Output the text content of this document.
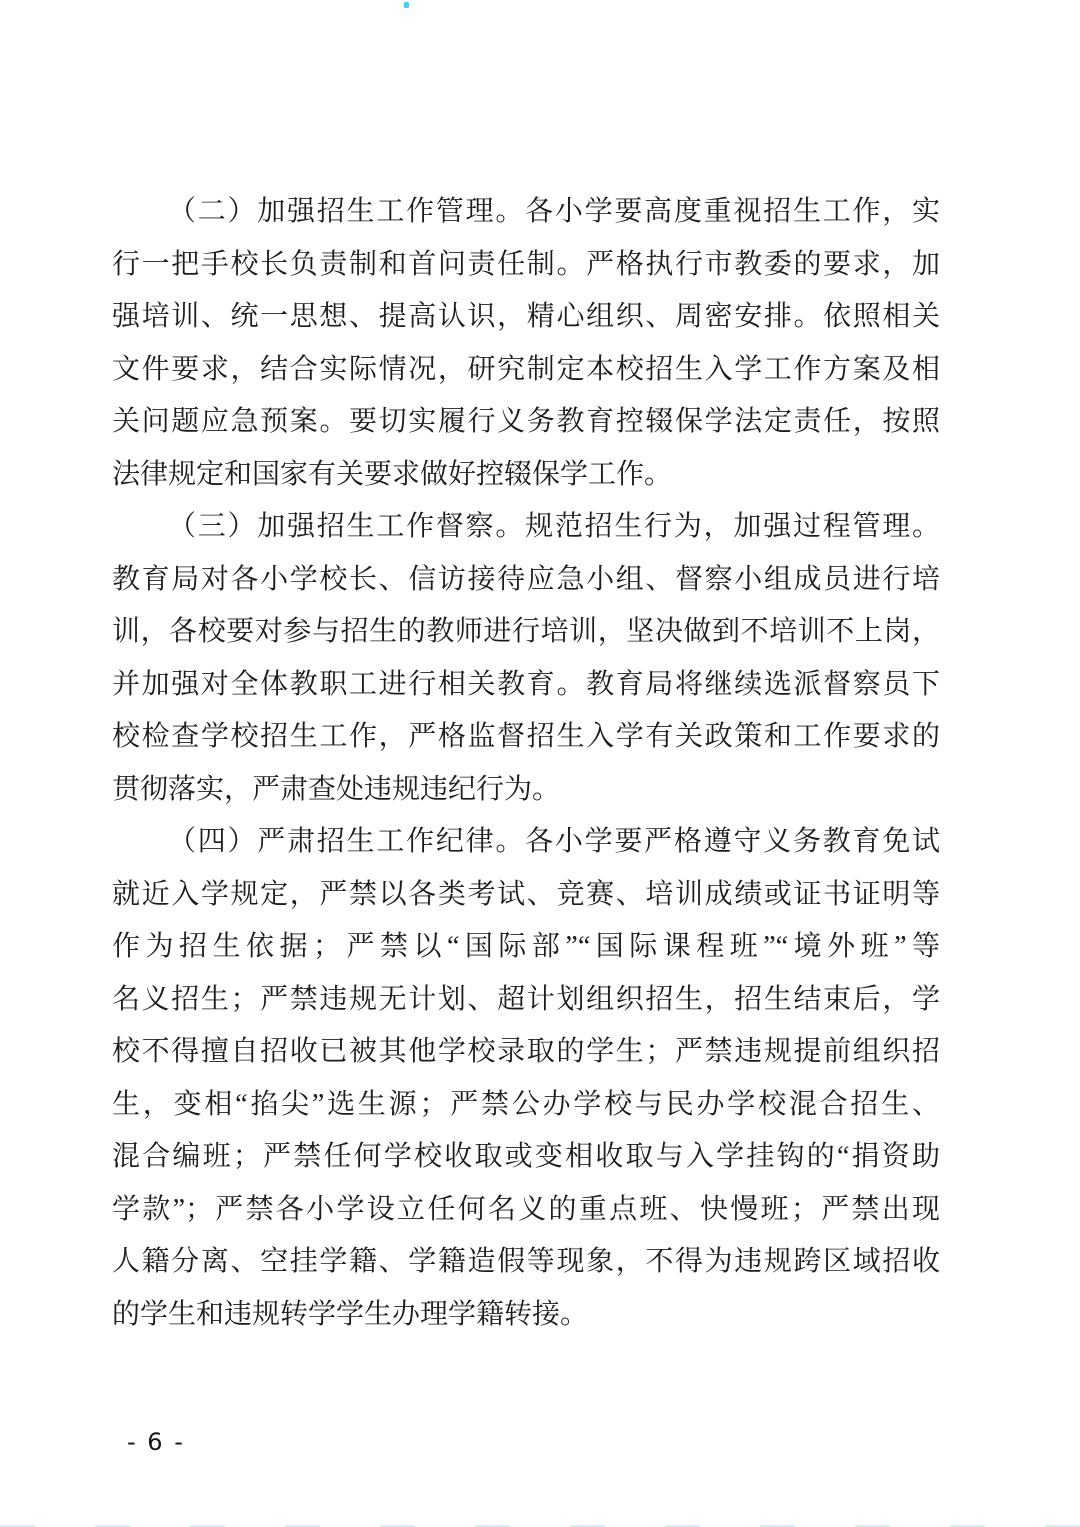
（二）加强招生工作管理。各小学要高度重视招生工作，实
行一把手校长负责制和首问责任制。严格执行市教委的要求，加
强培训、统一思想、提高认识，精心组织、周密安排。依照相关
文件要求，结合实际情况，研究制定本校招生入学工作方案及相
关问题应急预案。要切实履行义务教育控辍保学法定责任，按照
法律规定和国家有关要求做好控辍保学工作。
（三）加强招生工作督察。规范招生行为，加强过程管理。
教育局对各小学校长、信访接待应急小组、督察小组成员进行培
训，各校要对参与招生的教师进行培训，坚决做到不培训不上岗，
并加强对全体教职工进行相关教育。教育局将继续选派督察员下
校检查学校招生工作，严格监督招生入学有关政策和工作要求的
贯彻落实，严肃查处违规违纪行为。
（四）严肃招生工作纪律。各小学要严格遵守义务教育免试
就近入学规定，严禁以各类考试、竞赛、培训成绩或证书证明等
作为招生依据；严禁以“国际部”“国际课程班”“境外班”等
名义招生；严禁违规无计划、超计划组织招生，招生结束后，学
校不得擅自招收已被其他学校录取的学生；严禁违规提前组织招
生，变相“掐尖”选生源；严禁公办学校与民办学校混合招生、
混合编班；严禁任何学校收取或变相收取与入学挂钩的“捐资助
学款”；严禁各小学设立任何名义的重点班、快慢班；严禁出现
人籍分离、空挂学籍、学籍造假等现象，不得为违规跨区域招收
的学生和违规转学学生办理学籍转接。
- 6 -
